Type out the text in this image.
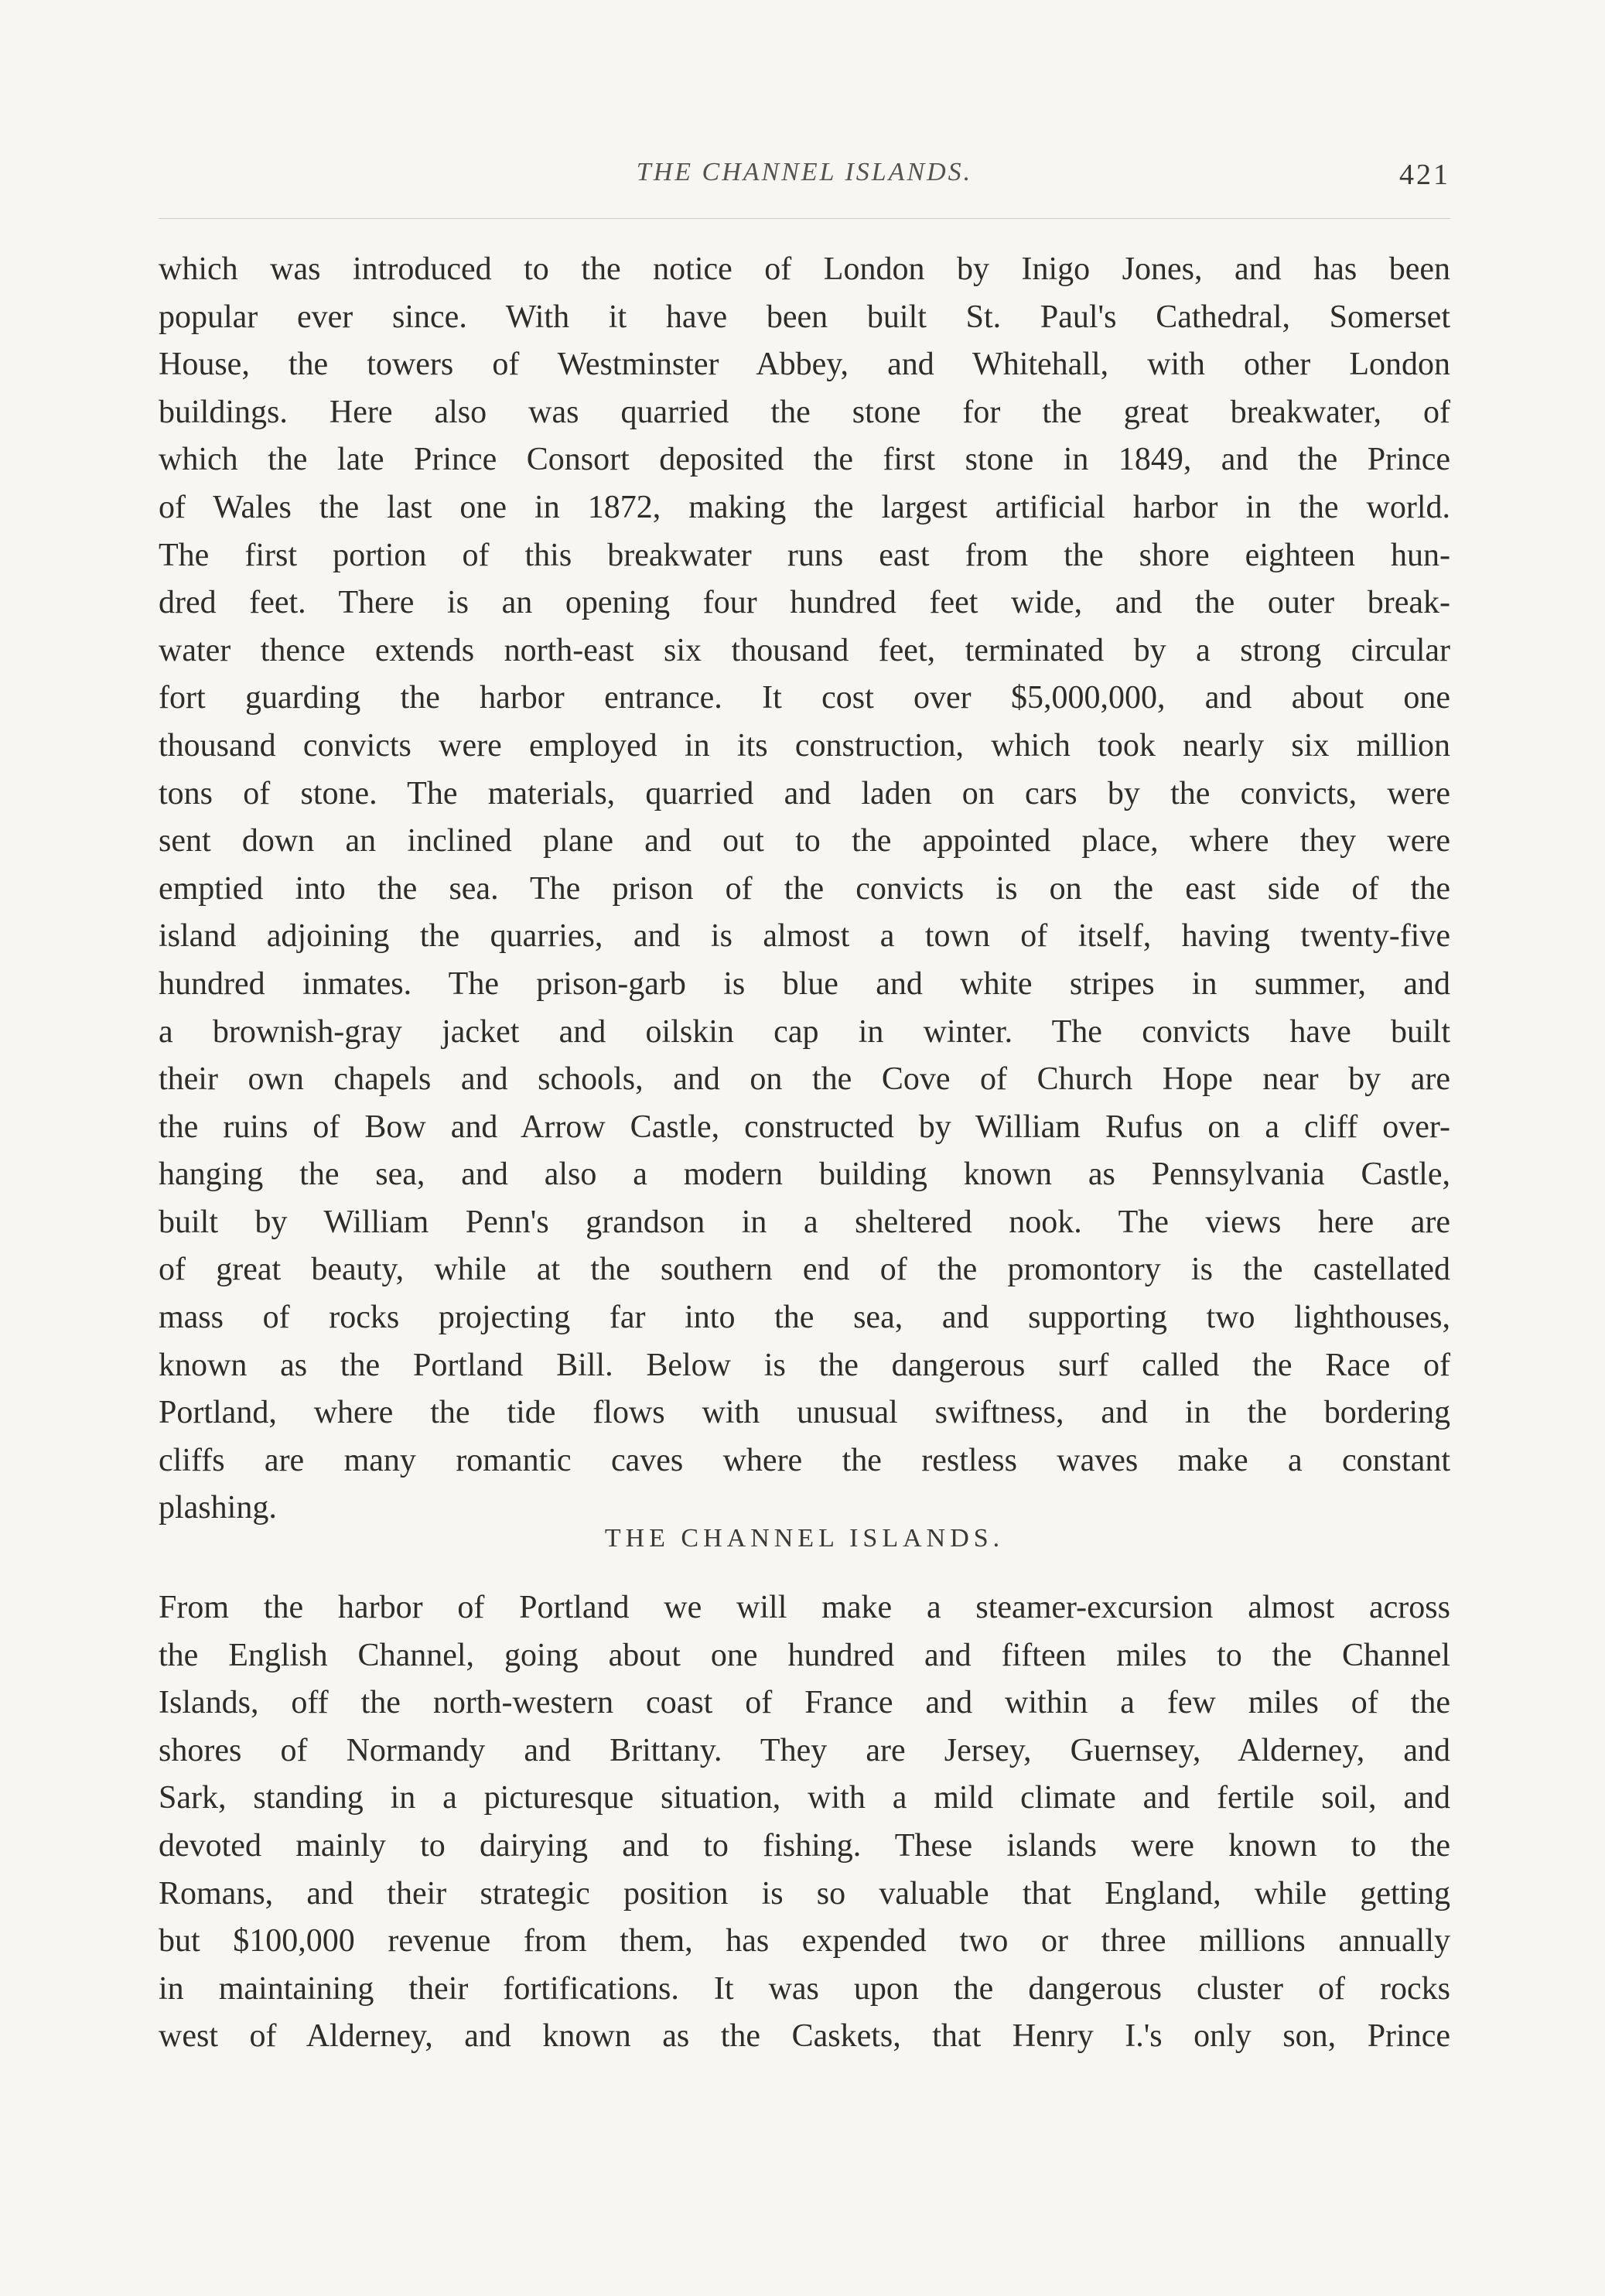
THE CHANNEL ISLANDS.	421
which was introduced to the notice of London by Inigo Jones, and has been
popular ever since. With it have been built St. Paul's Cathedral, Somerset
House, the towers of Westminster Abbey, and Whitehall, with other London
buildings. Here also was quarried the stone for the great breakwater, of
which the late Prince Consort deposited the first stone in 1849, and the Prince
of Wales the last one in 1872, making the largest artificial harbor in the world.
The first portion of this breakwater runs east from the shore eighteen hun-
dred feet. There is an opening four hundred feet wide, and the outer break-
water thence extends north-east six thousand feet, terminated by a strong circular
fort guarding the harbor entrance. It cost over $5,000,000, and about one
thousand convicts were employed in its construction, which took nearly six million
tons of stone. The materials, quarried and laden on cars by the convicts, were
sent down an inclined plane and out to the appointed place, where they were
emptied into the sea. The prison of the convicts is on the east side of the
island adjoining the quarries, and is almost a town of itself, having twenty-five
hundred inmates. The prison-garb is blue and white stripes in summer, and
a brownish-gray jacket and oilskin cap in winter. The convicts have built
their own chapels and schools, and on the Cove of Church Hope near by are
the ruins of Bow and Arrow Castle, constructed by William Rufus on a cliff over-
hanging the sea, and also a modern building known as Pennsylvania Castle,
built by William Penn's grandson in a sheltered nook. The views here are
of great beauty, while at the southern end of the promontory is the castellated
mass of rocks projecting far into the sea, and supporting two lighthouses,
known as the Portland Bill. Below is the dangerous surf called the Race of
Portland, where the tide flows with unusual swiftness, and in the bordering
cliffs are many romantic caves where the restless waves make a constant
plashing.
THE CHANNEL ISLANDS.
From the harbor of Portland we will make a steamer-excursion almost across
the English Channel, going about one hundred and fifteen miles to the Channel
Islands, off the north-western coast of France and within a few miles of the
shores of Normandy and Brittany. They are Jersey, Guernsey, Alderney, and
Sark, standing in a picturesque situation, with a mild climate and fertile soil, and
devoted mainly to dairying and to fishing. These islands were known to the
Romans, and their strategic position is so valuable that England, while getting
but $100,000 revenue from them, has expended two or three millions annually
in maintaining their fortifications. It was upon the dangerous cluster of rocks
west of Alderney, and known as the Caskets, that Henry I.'s only son, Prince
